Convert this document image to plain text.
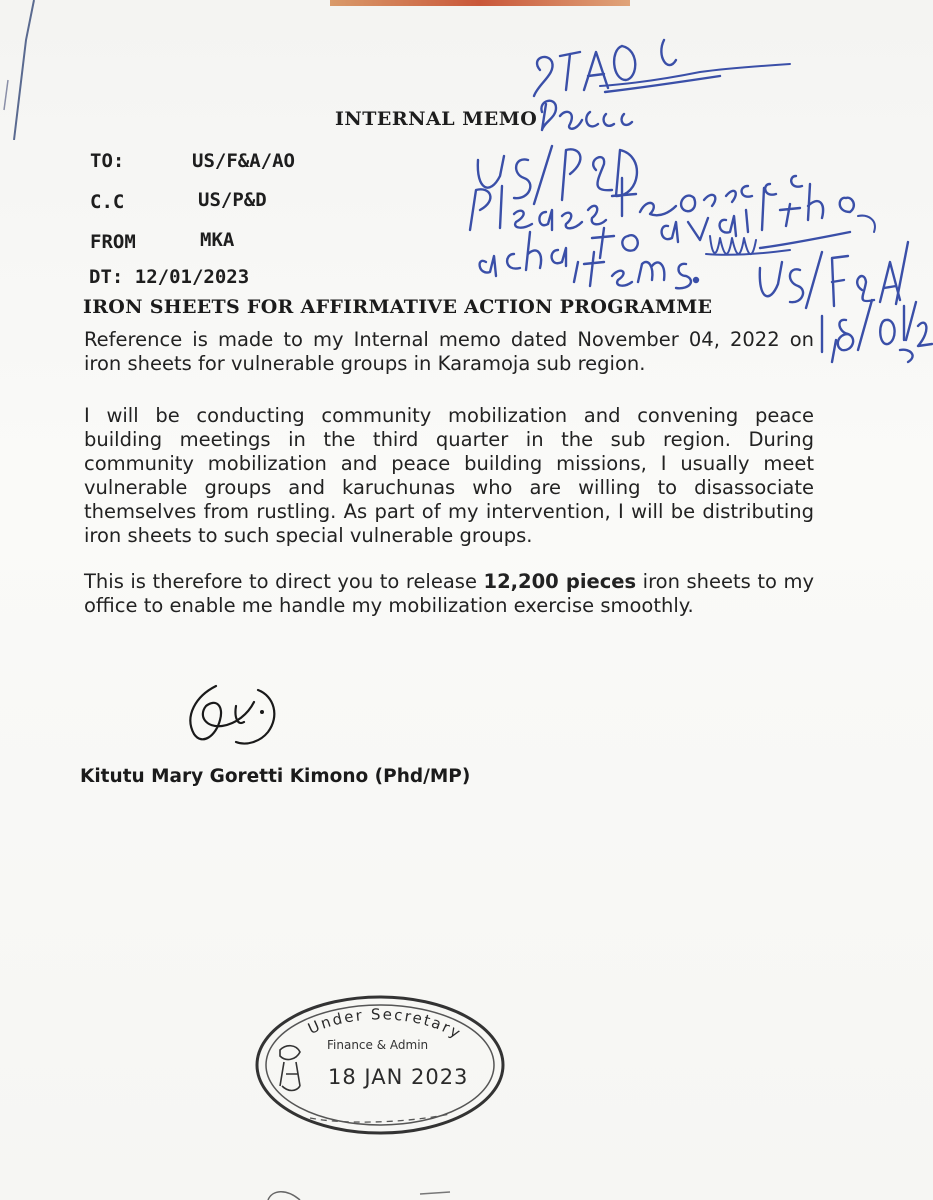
INTERNAL MEMO
TO:	US/F&A/AO
C.C	US/P&D
FROM	MKA
DT: 12/01/2023
IRON SHEETS FOR AFFIRMATIVE ACTION PROGRAMME

Reference is made to my Internal memo dated November 04, 2022 on iron sheets for vulnerable groups in Karamoja sub region.

I will be conducting community mobilization and convening peace building meetings in the third quarter in the sub region. During community mobilization and peace building missions, I usually meet vulnerable groups and karuchunas who are willing to disassociate themselves from rustling. As part of my intervention, I will be distributing iron sheets to such special vulnerable groups.

This is therefore to direct you to release 12,200 pieces iron sheets to my office to enable me handle my mobilization exercise smoothly.

Kitutu Mary Goretti Kimono (Phd/MP)
Under Secretary
Finance & Admin
18 JAN 2023
